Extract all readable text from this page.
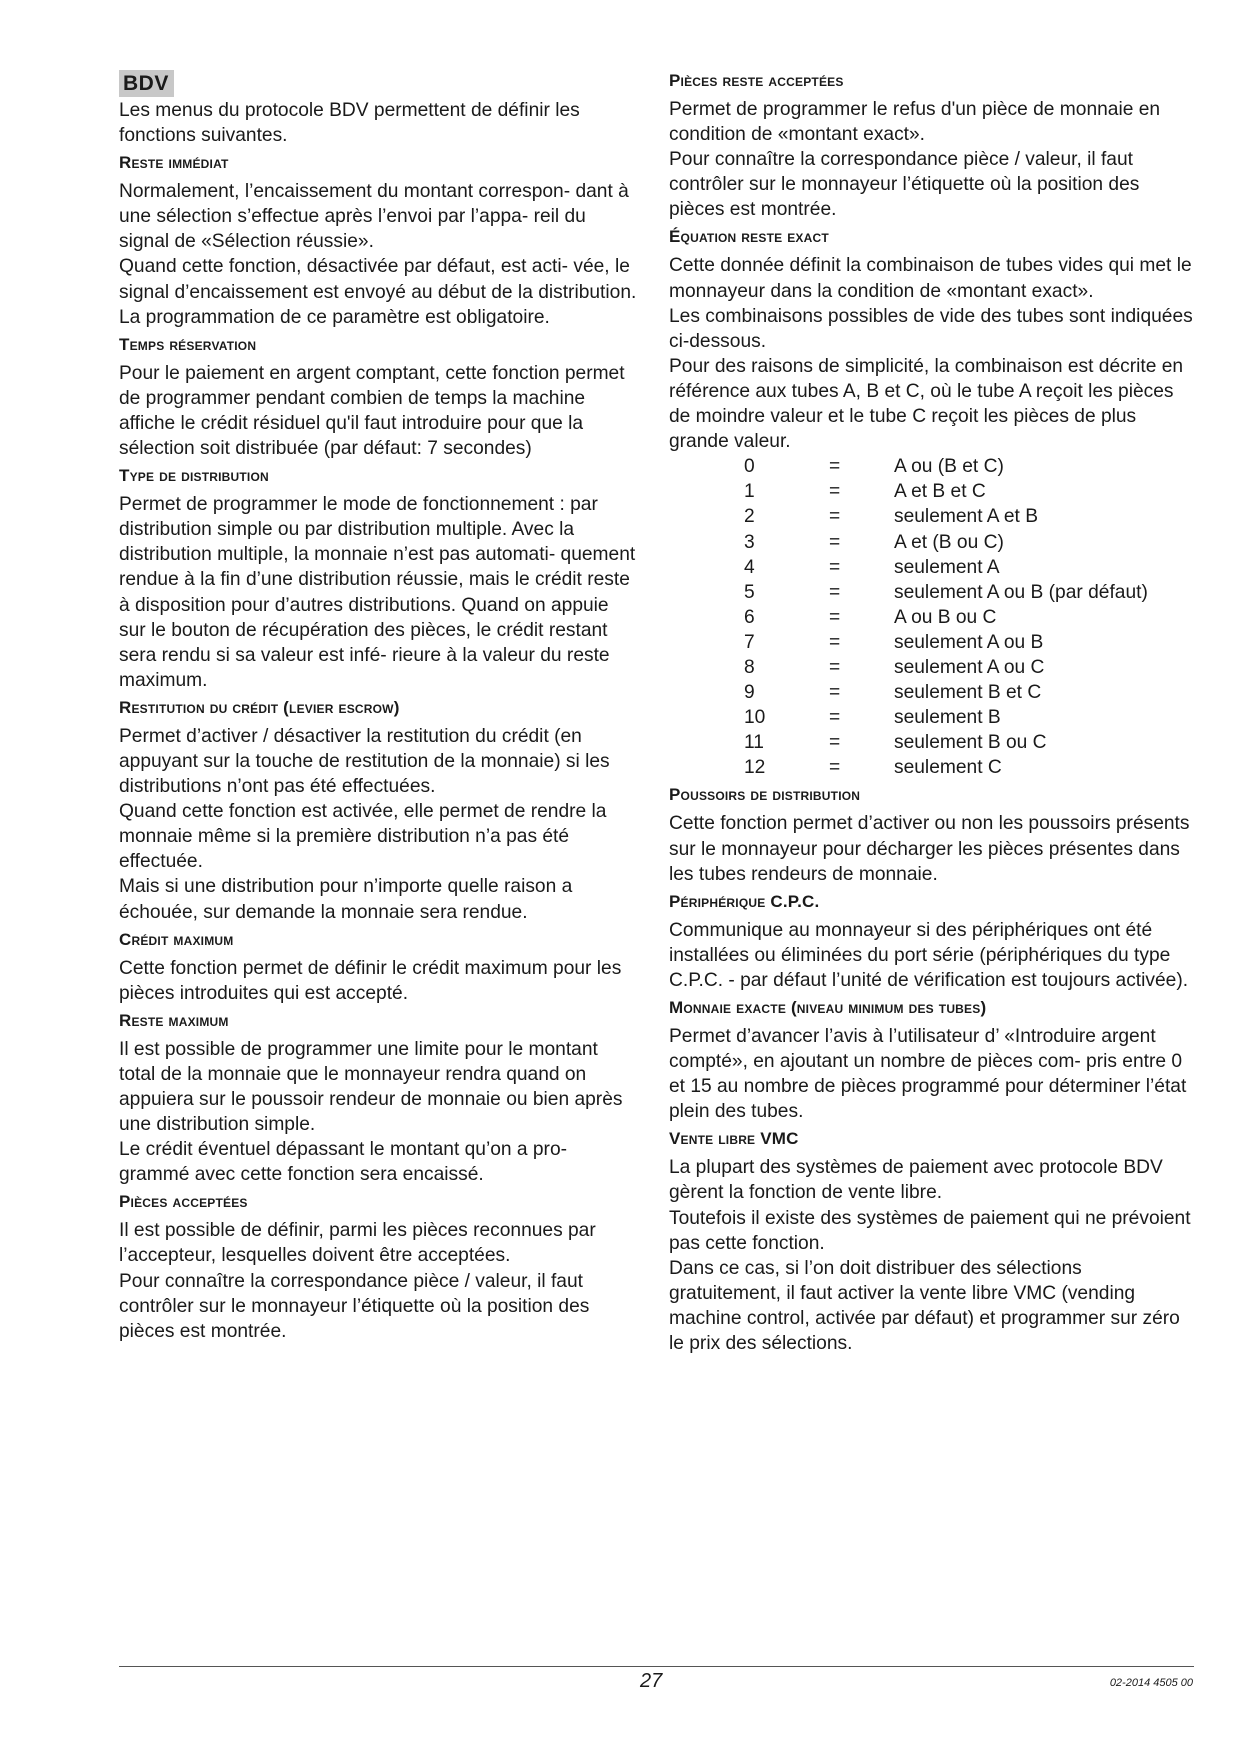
BDV

Les menus du protocole BDV permettent de définir les fonctions suivantes.

Reste immédiat

Normalement, l’encaissement du montant correspon- dant à une sélection s’effectue après l’envoi par l’appa- reil du signal de «Sélection réussie».

Quand cette fonction, désactivée par défaut, est acti- vée, le signal d’encaissement est envoyé au début de la distribution. La programmation de ce paramètre est obligatoire.

Temps réservation

Pour le paiement en argent comptant, cette fonction permet de programmer pendant combien de temps la machine affiche le crédit résiduel qu'il faut introduire pour que la sélection soit distribuée (par défaut: 7 secondes)

Type de distribution

Permet de programmer le mode de fonctionnement : par distribution simple ou par distribution multiple. Avec la distribution multiple, la monnaie n’est pas automati- quement rendue à la fin d’une distribution réussie, mais le crédit reste à disposition pour d’autres distributions. Quand on appuie sur le bouton de récupération des pièces, le crédit restant sera rendu si sa valeur est infé- rieure à la valeur du reste maximum.

Restitution du crédit (levier escrow)

Permet d’activer / désactiver la restitution du crédit (en appuyant sur la touche de restitution de la monnaie) si les distributions n’ont pas été effectuées.

Quand cette fonction est activée, elle permet de rendre la monnaie même si la première distribution n’a pas été effectuée.

Mais si une distribution pour n’importe quelle raison a échouée, sur demande la monnaie sera rendue.

Crédit maximum

Cette fonction permet de définir le crédit maximum pour les pièces introduites qui est accepté.

Reste maximum

Il est possible de programmer une limite pour le montant total de la monnaie que le monnayeur rendra quand on appuiera sur le poussoir rendeur de monnaie ou bien après une distribution simple.

Le crédit éventuel dépassant le montant qu’on a pro- grammé avec cette fonction sera encaissé.

Pièces acceptées

Il est possible de définir, parmi les pièces reconnues par l’accepteur, lesquelles doivent être acceptées.

Pour connaître la correspondance pièce / valeur, il faut contrôler sur le monnayeur l’étiquette où la position des pièces est montrée.

Pièces reste acceptées

Permet de programmer le refus d'un pièce de monnaie en condition de «montant exact».

Pour connaître la correspondance pièce / valeur, il faut contrôler sur le monnayeur l’étiquette où la position des pièces est montrée.

Équation reste exact

Cette donnée définit la combinaison de tubes vides qui met le monnayeur dans la condition de «montant exact».

Les combinaisons possibles de vide des tubes sont indiquées ci-dessous.

Pour des raisons de simplicité, la combinaison est décrite en référence aux tubes A, B et C, où le tube A reçoit les pièces de moindre valeur et le tube C reçoit les pièces de plus grande valeur.

0	=	A ou (B et C)
1	=	A et B et C
2	=	seulement A et B
3	=	A et (B ou C)
4	=	seulement A
5	=	seulement A ou B (par défaut)
6	=	A ou B ou C
7	=	seulement A ou B
8	=	seulement A ou C
9	=	seulement B et C
10	=	seulement B
11	=	seulement B ou C
12	=	seulement C
Poussoirs de distribution

Cette fonction permet d’activer ou non les poussoirs présents sur le monnayeur pour décharger les pièces présentes dans les tubes rendeurs de monnaie.

Périphérique C.P.C.

Communique au monnayeur si des périphériques ont été installées ou éliminées du port série (périphériques du type C.P.C. - par défaut l’unité de vérification est toujours activée).

Monnaie exacte (niveau minimum des tubes)

Permet d’avancer l’avis à l’utilisateur d’ «Introduire argent compté», en ajoutant un nombre de pièces com- pris entre 0 et 15 au nombre de pièces programmé pour déterminer l’état plein des tubes.

Vente libre VMC

La plupart des systèmes de paiement avec protocole BDV gèrent la fonction de vente libre.

Toutefois il existe des systèmes de paiement qui ne prévoient pas cette fonction.

Dans ce cas, si l’on doit distribuer des sélections gratuitement, il faut activer la vente libre VMC (vending machine control, activée par défaut) et programmer sur zéro le prix des sélections.

27	02-2014 4505 00
